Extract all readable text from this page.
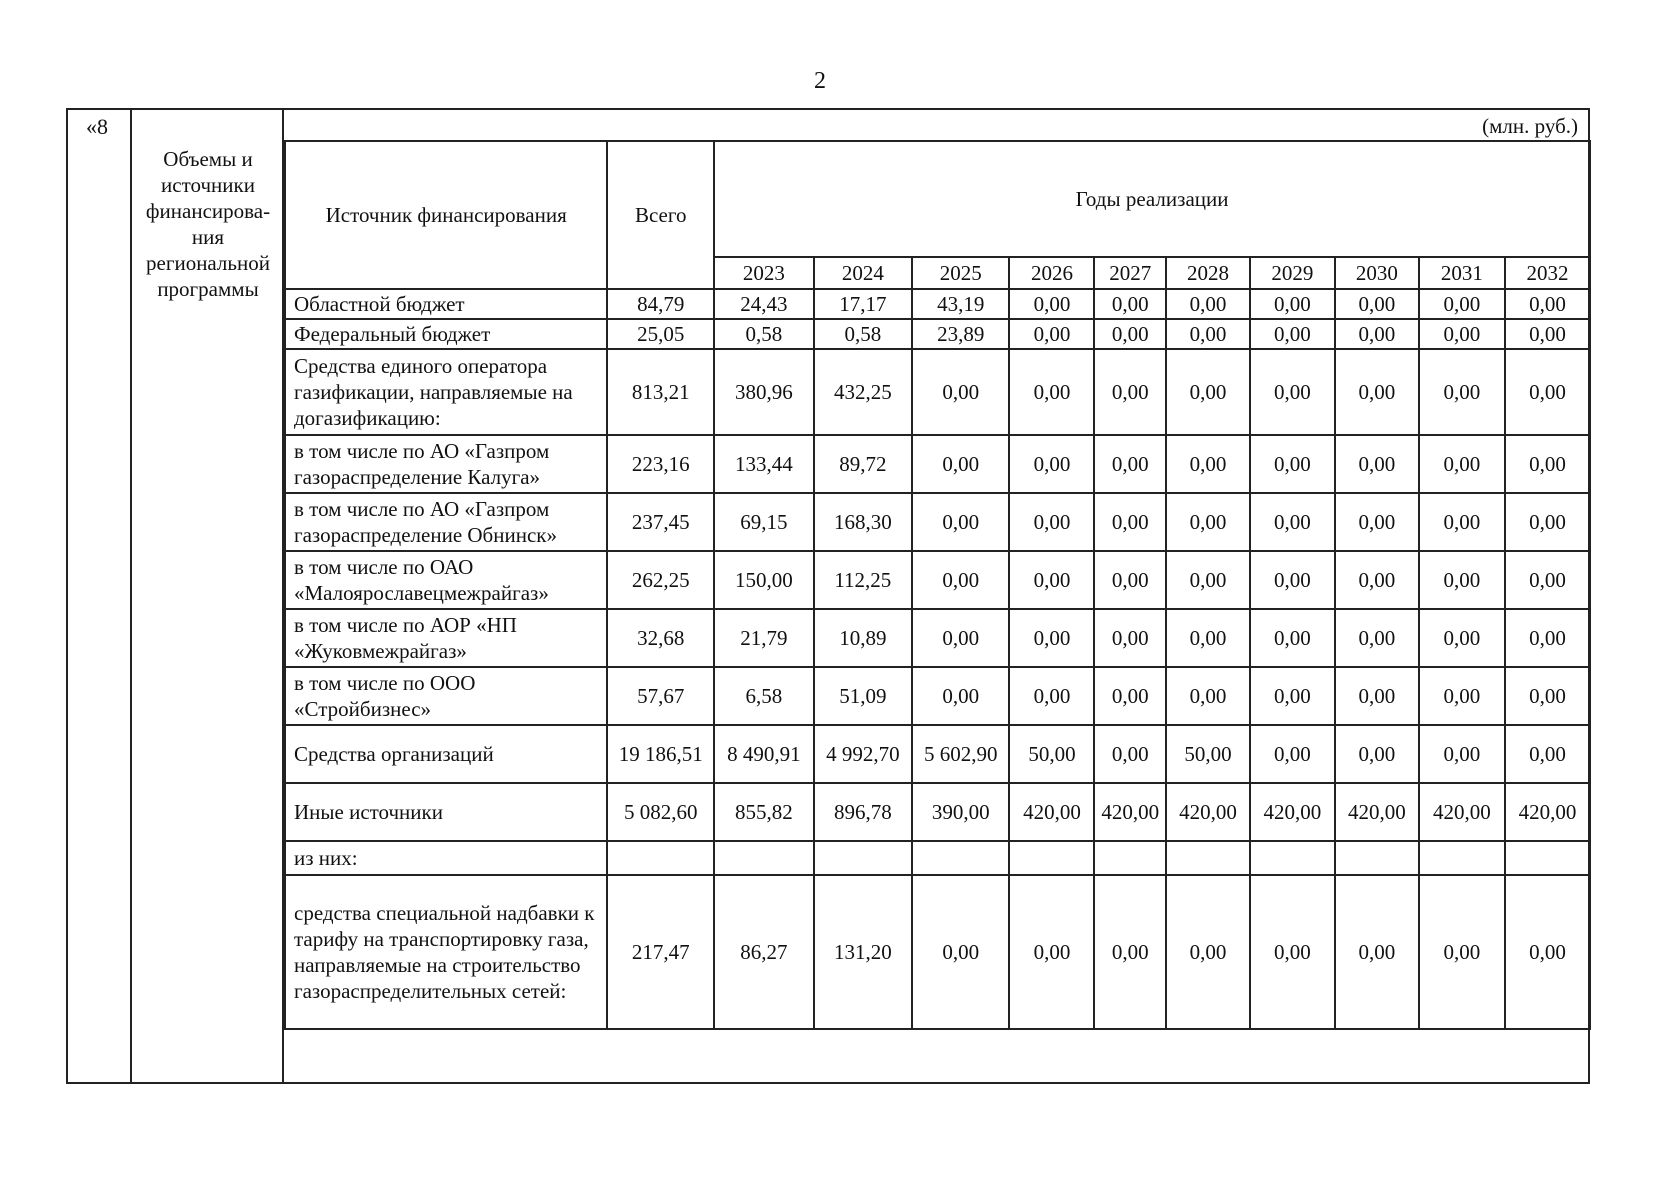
2
«8
Объемы и источники финансирова-ния региональной программы
(млн. руб.)
Источник финансирования	Всего	Годы реализации									
		2023	2024	2025	2026	2027	2028	2029	2030	2031	2032
Областной бюджет	84,79	24,43	17,17	43,19	0,00	0,00	0,00	0,00	0,00	0,00	0,00
Федеральный бюджет	25,05	0,58	0,58	23,89	0,00	0,00	0,00	0,00	0,00	0,00	0,00
Средства единого оператора газификации, направляемые на догазификацию:	813,21	380,96	432,25	0,00	0,00	0,00	0,00	0,00	0,00	0,00	0,00
в том числе по АО «Газпром газораспределение Калуга»	223,16	133,44	89,72	0,00	0,00	0,00	0,00	0,00	0,00	0,00	0,00
в том числе по АО «Газпром газораспределение Обнинск»	237,45	69,15	168,30	0,00	0,00	0,00	0,00	0,00	0,00	0,00	0,00
в том числе по ОАО «Малоярославецмежрайгаз»	262,25	150,00	112,25	0,00	0,00	0,00	0,00	0,00	0,00	0,00	0,00
в том числе по АОР «НП «Жуковмежрайгаз»	32,68	21,79	10,89	0,00	0,00	0,00	0,00	0,00	0,00	0,00	0,00
в том числе по ООО «Стройбизнес»	57,67	6,58	51,09	0,00	0,00	0,00	0,00	0,00	0,00	0,00	0,00
Средства организаций	19 186,51	8 490,91	4 992,70	5 602,90	50,00	0,00	50,00	0,00	0,00	0,00	0,00
Иные источники	5 082,60	855,82	896,78	390,00	420,00	420,00	420,00	420,00	420,00	420,00	420,00
из них:											
средства специальной надбавки к тарифу на транспортировку газа, направляемые на строительство газораспределительных сетей:	217,47	86,27	131,20	0,00	0,00	0,00	0,00	0,00	0,00	0,00	0,00
